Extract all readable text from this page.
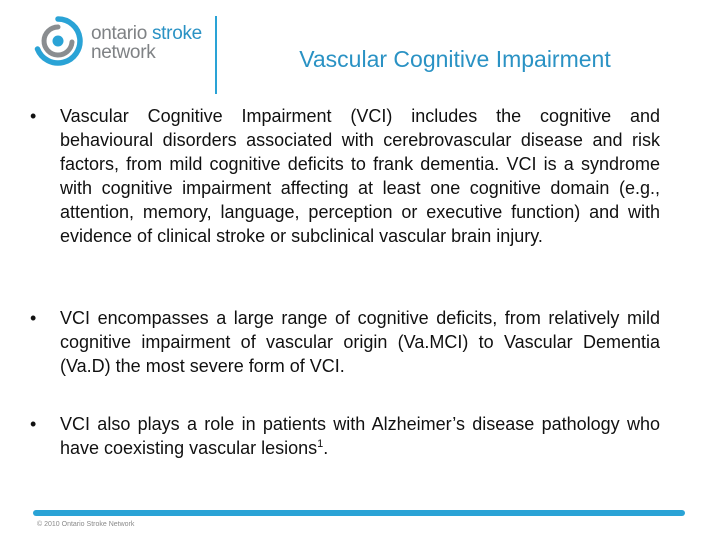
ontario stroke
network	Vascular Cognitive Impairment
•	Vascular Cognitive Impairment (VCI) includes the cognitive and behavioural disorders associated with cerebrovascular disease and risk factors, from mild cognitive deficits to frank dementia. VCI is a syndrome with cognitive impairment affecting at least one cognitive domain (e.g., attention, memory, language, perception or executive function) and with evidence of clinical stroke or subclinical vascular brain injury.
•	VCI encompasses a large range of cognitive deficits, from relatively mild cognitive impairment of vascular origin (Va.MCI) to Vascular Dementia (Va.D) the most severe form of VCI.
•	VCI also plays a role in patients with Alzheimer’s disease pathology who have coexisting vascular lesions$^1$.
© 2010 Ontario Stroke Network
